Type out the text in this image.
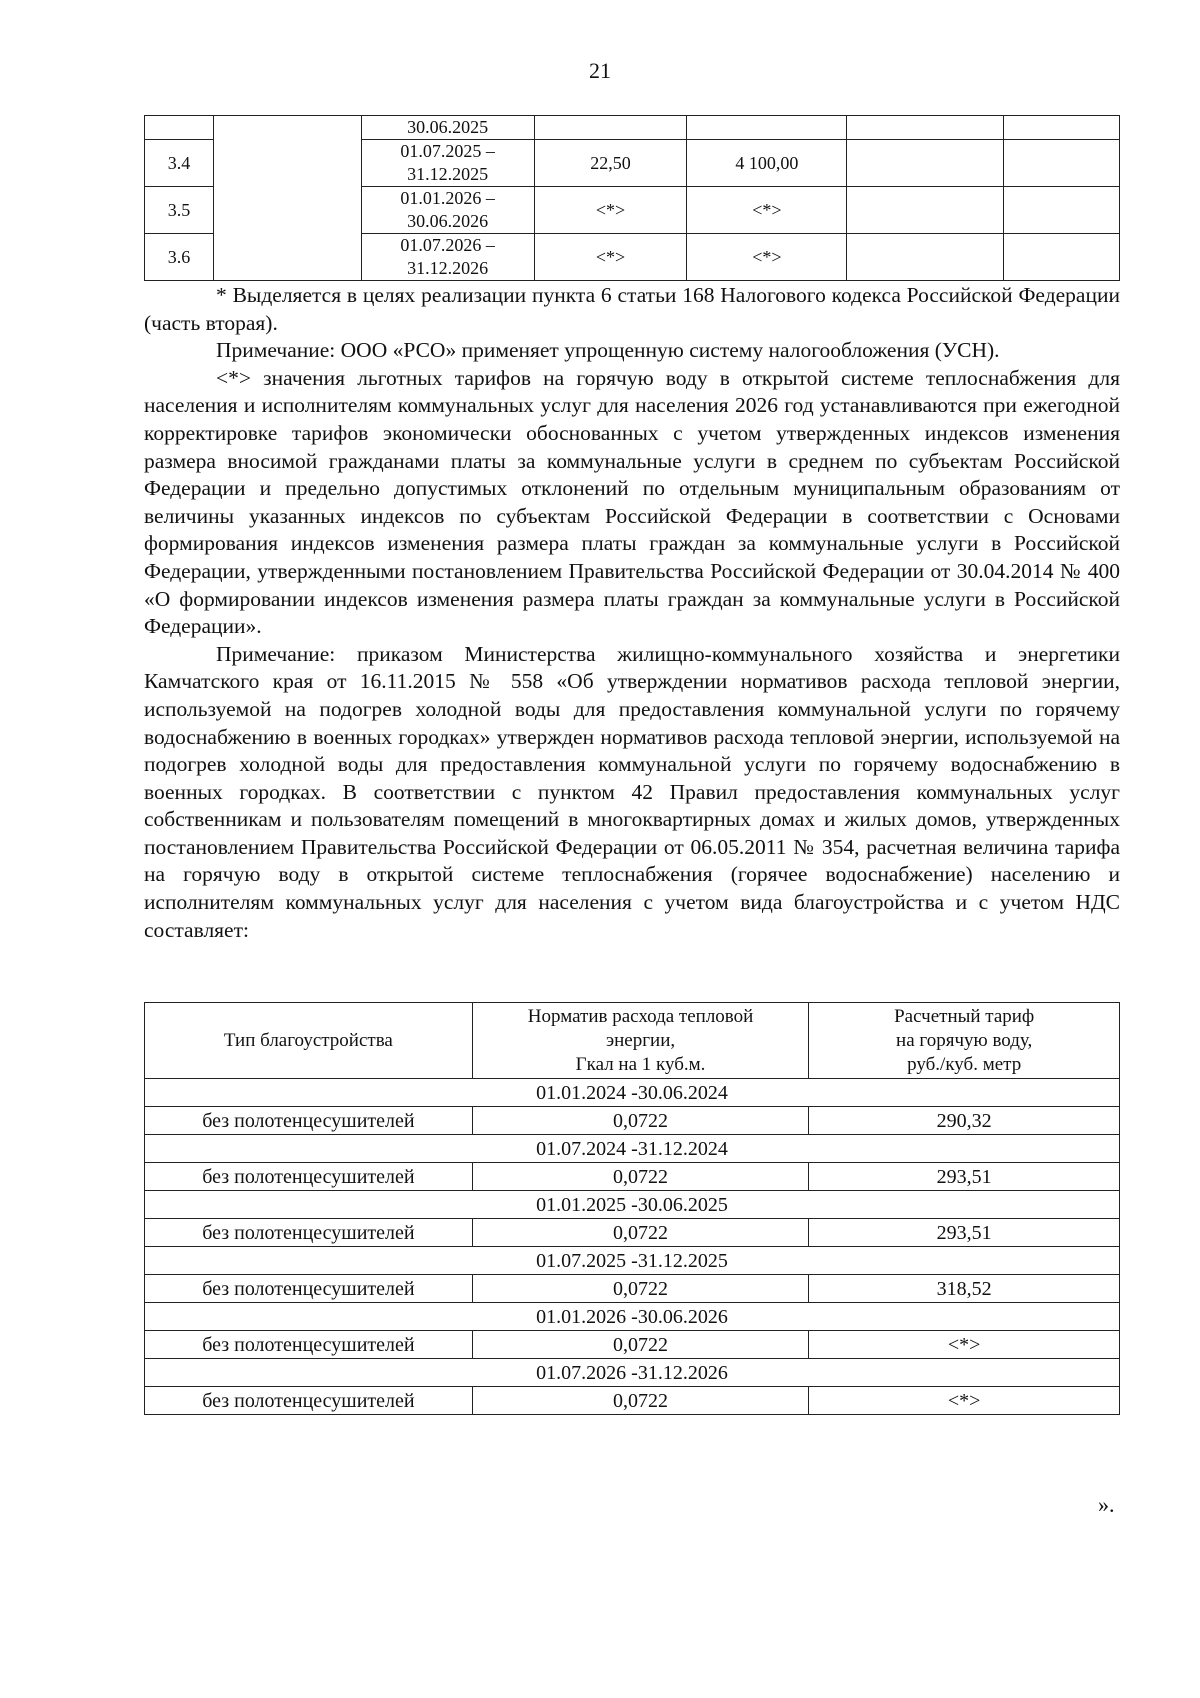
21
		30.06.2025				
3.4		01.07.2025 –
31.12.2025	22,50	4 100,00		
3.5		01.01.2026 –
30.06.2026	<*>	<*>		
3.6		01.07.2026 –
31.12.2026	<*>	<*>		

* Выделяется в целях реализации пункта 6 статьи 168 Налогового кодекса Российской Федерации (часть вторая).

Примечание: ООО «РСО» применяет упрощенную систему налогообложения (УСН).

<*> значения льготных тарифов на горячую воду в открытой системе теплоснабжения для населения и исполнителям коммунальных услуг для населения 2026 год устанавливаются при ежегодной корректировке тарифов экономически обоснованных с учетом утвержденных индексов изменения размера вносимой гражданами платы за коммунальные услуги в среднем по субъектам Российской Федерации и предельно допустимых отклонений по отдельным муниципальным образованиям от величины указанных индексов по субъектам Российской Федерации в соответствии с Основами формирования индексов изменения размера платы граждан за коммунальные услуги в Российской Федерации, утвержденными постановлением Правительства Российской Федерации от 30.04.2014 № 400 «О формировании индексов изменения размера платы граждан за коммунальные услуги в Российской Федерации».

Примечание: приказом Министерства жилищно-коммунального хозяйства и энергетики Камчатского края от 16.11.2015 № 558 «Об утверждении нормативов расхода тепловой энергии, используемой на подогрев холодной воды для предоставления коммунальной услуги по горячему водоснабжению в военных городках» утвержден нормативов расхода тепловой энергии, используемой на подогрев холодной воды для предоставления коммунальной услуги по горячему водоснабжению в военных городках. В соответствии с пунктом 42 Правил предоставления коммунальных услуг собственникам и пользователям помещений в многоквартирных домах и жилых домов, утвержденных постановлением Правительства Российской Федерации от 06.05.2011 № 354, расчетная величина тарифа на горячую воду в открытой системе теплоснабжения (горячее водоснабжение) населению и исполнителям коммунальных услуг для населения с учетом вида благоустройства и с учетом НДС составляет:

Тип благоустройства	Норматив расхода тепловой
энергии,
Гкал на 1 куб.м.	Расчетный тариф
на горячую воду,
руб./куб. метр
01.01.2024 -30.06.2024		
без полотенцесушителей	0,0722	290,32
01.07.2024 -31.12.2024		
без полотенцесушителей	0,0722	293,51
01.01.2025 -30.06.2025		
без полотенцесушителей	0,0722	293,51
01.07.2025 -31.12.2025		
без полотенцесушителей	0,0722	318,52
01.01.2026 -30.06.2026		
без полотенцесушителей	0,0722	<*>
01.07.2026 -31.12.2026		
без полотенцесушителей	0,0722	<*>
».
